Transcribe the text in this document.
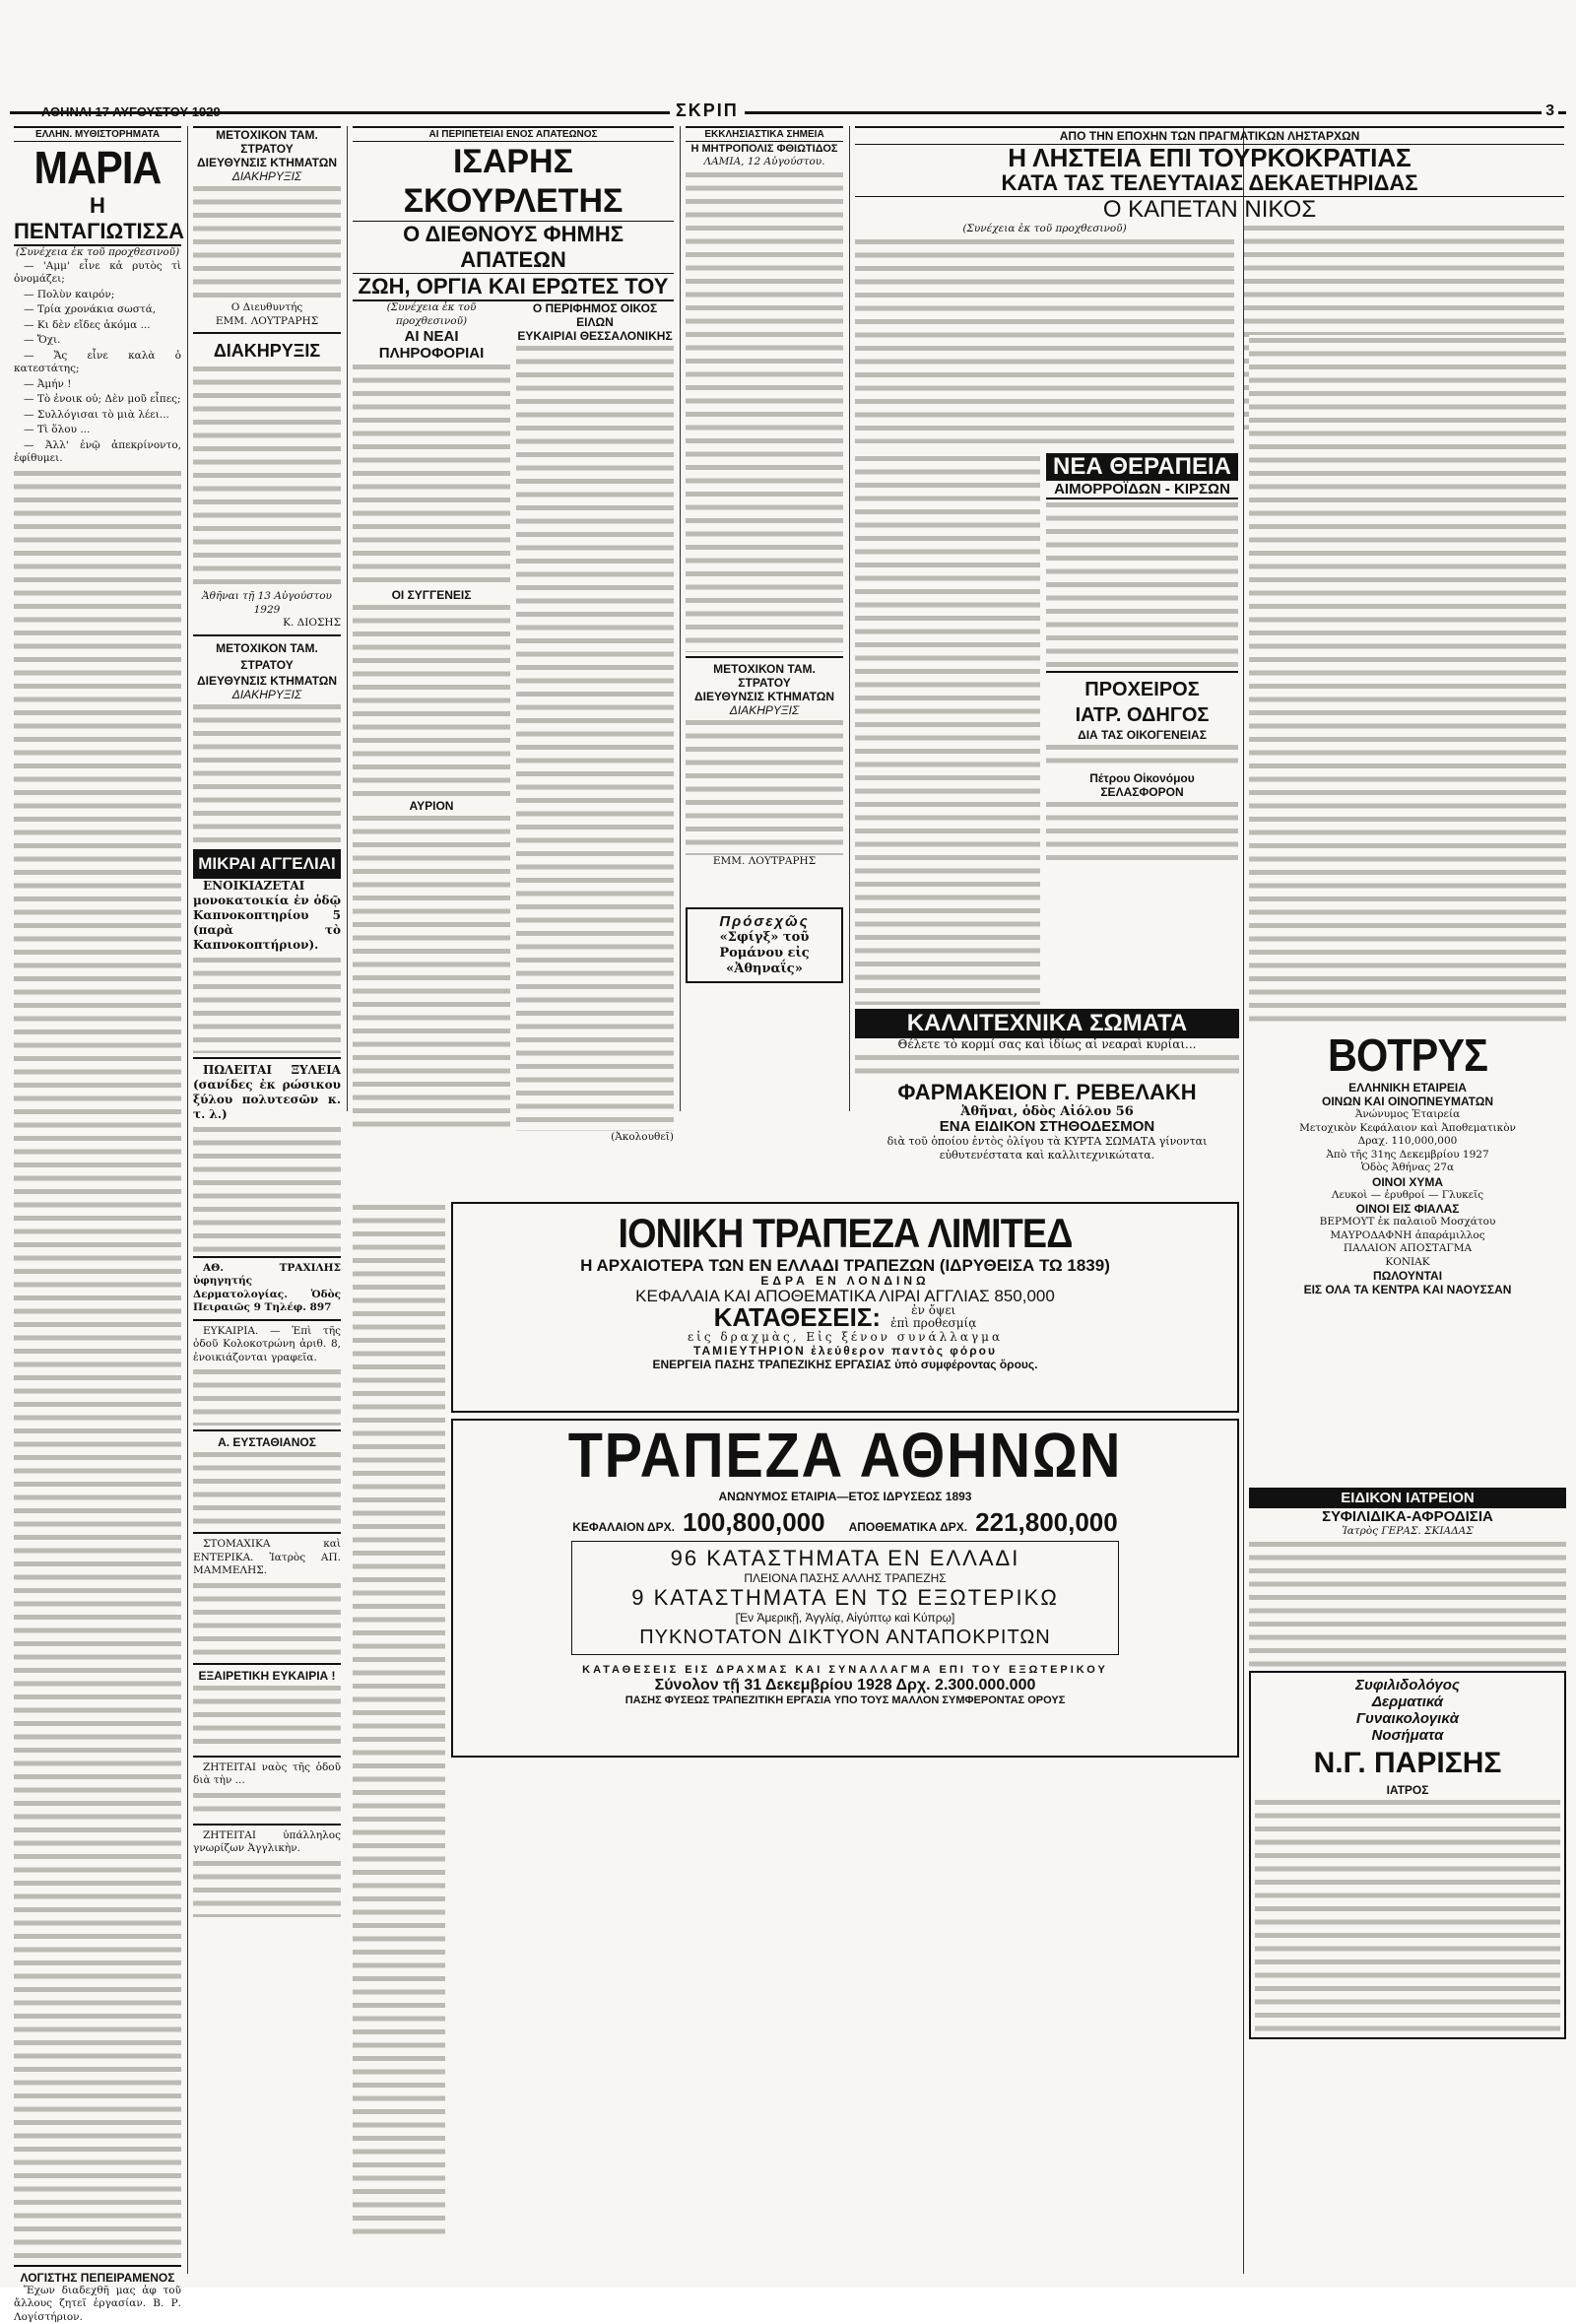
ΑΘΗΝΑΙ 17 ΑΥΓΟΥΣΤΟΥ 1929	ΣΚΡΙΠ	3
ΕΛΛΗΝ. ΜΥΘΙΣΤΟΡΗΜΑΤΑ
ΜΑΡΙΑ
Η ΠΕΝΤΑΓΙΩΤΙΣΣΑ
(Συνέχεια ἐκ τοῦ προχθεσινοῦ)

— 'Αμμ' εἶνε κἀ ρυτὸς τὶ ὀνομάζει;

— Πολὺν καιρόν;

— Τρία χρονάκια σωστά,

— Κι δὲν εἴδες ἀκόμα ...

— Ὄχι.

— Ἄς εἶνε καλὰ ὁ κατεστάτης;

— Ἀμήν !

— Τὸ ἐνοικ οὐ; Δὲν μοῦ εἶπες;

— Συλλόγισαι τὸ μιὰ λέει...

— Τὶ ὅλου ...

— Ἀλλ' ἐνῷ ἀπεκρίνοντο, ἐφίθυμει.

ΛΟΓΙΣΤΗΣ ΠΕΠΕΙΡΑΜΕΝΟΣ

Ἔχων διαδεχθῆ μας ἀφ τοῦ ἄλλους ζητεῖ ἐργασίαν. Β. Ρ. Λογίστήριον.

ΜΕΤΟΧΙΚΟΝ ΤΑΜ. ΣΤΡΑΤΟΥ
ΔΙΕΥΘΥΝΣΙΣ ΚΤΗΜΑΤΩΝ
ΔΙΑΚΗΡΥΞΙΣ
Ο Διευθυντής
ΕΜΜ. ΛΟΥΤΡΑΡΗΣ
ΔΙΑΚΗΡΥΞΙΣ
Ἀθῆναι τῇ 13 Αὐγούστου 1929
Κ. ΔΙΟΣΗΣ
ΜΕΤΟΧΙΚΟΝ ΤΑΜ. ΣΤΡΑΤΟΥ
ΔΙΕΥΘΥΝΣΙΣ ΚΤΗΜΑΤΩΝ
ΔΙΑΚΗΡΥΞΙΣ
ΜΙΚΡΑΙ ΑΓΓΕΛΙΑΙ

ΕΝΟΙΚΙΑΖΕΤΑΙ μονοκατοικία ἐν ὁδῷ Καπνοκοπτηρίου 5 (παρὰ τὸ Καπνοκοπτήριον).

ΠΩΛΕΙΤΑΙ ΞΥΛΕΙΑ (σανίδες ἐκ ρώσικου ξύλου πολυτεσῶν κ. τ. λ.)

ΑΘ. ΤΡΑΧΙΛΗΣ ὑφηγητής Δερματολογίας. Ὁδὸς Πειραιῶς 9 Τηλέφ. 897

ΕΥΚΑΙΡΙΑ. — Ἐπὶ τῆς ὁδοῦ Κολοκοτρώνη ἀριθ. 8, ἐνοικιάζονται γραφεῖα.

Α. ΕΥΣΤΑΘΙΑΝΟΣ

ΣΤΟΜΑΧΙΚΑ καὶ ΕΝΤΕΡΙΚΑ. Ἰατρὸς ΑΠ. ΜΑΜΜΕΛΗΣ.

ΕΞΑΙΡΕΤΙΚΗ ΕΥΚΑΙΡΙΑ !

ΖΗΤΕΙΤΑΙ ναὸς τῆς ὁδοῦ διὰ τὴν ...

ΖΗΤΕΙΤΑΙ ὑπάλληλος γνωρίζων Ἀγγλικὴν.

ΑΙ ΠΕΡΙΠΕΤΕΙΑΙ ΕΝΟΣ ΑΠΑΤΕΩΝΟΣ
ΙΣΑΡΗΣ ΣΚΟΥΡΛΕΤΗΣ
Ο ΔΙΕΘΝΟΥΣ ΦΗΜΗΣ ΑΠΑΤΕΩΝ
ΖΩΗ, ΟΡΓΙΑ ΚΑΙ ΕΡΩΤΕΣ ΤΟΥ
(Συνέχεια ἐκ τοῦ προχθεσινοῦ)
ΑΙ ΝΕΑΙ ΠΛΗΡΟΦΟΡΙΑΙ
ΟΙ ΣΥΓΓΕΝΕΙΣ
ΑΥΡΙΟΝ
Ο ΠΕΡΙΦΗΜΟΣ ΟΙΚΟΣ ΕΙΛΩΝ
ΕΥΚΑΙΡΙΑΙ ΘΕΣΣΑΛΟΝΙΚΗΣ
(Ἀκολουθεῖ)
ΕΚΚΛΗΣΙΑΣΤΙΚΑ ΣΗΜΕΙΑ
Η ΜΗΤΡΟΠΟΛΙΣ ΦΘΙΩΤΙΔΟΣ
ΛΑΜΙΑ, 12 Αὐγούστου.
ΜΕΤΟΧΙΚΟΝ ΤΑΜ. ΣΤΡΑΤΟΥ
ΔΙΕΥΘΥΝΣΙΣ ΚΤΗΜΑΤΩΝ
ΔΙΑΚΗΡΥΞΙΣ
ΕΜΜ. ΛΟΥΤΡΑΡΗΣ
Πρόσεχῶς
«Σφίγξ» τοῦ Ρομάνου εἰς «Ἀθηναΐς»
ΑΠΟ ΤΗΝ ΕΠΟΧΗΝ ΤΩΝ ΠΡΑΓΜΑΤΙΚΩΝ ΛΗΣΤΑΡΧΩΝ
Η ΛΗΣΤΕΙΑ ΕΠΙ ΤΟΥΡΚΟΚΡΑΤΙΑΣ
ΚΑΤΑ ΤΑΣ ΤΕΛΕΥΤΑΙΑΣ ΔΕΚΑΕΤΗΡΙΔΑΣ
Ο ΚΑΠΕΤΑΝ ΝΙΚΟΣ
(Συνέχεια ἐκ τοῦ προχθεσινοῦ)
ΝΕΑ ΘΕΡΑΠΕΙΑ
ΑΙΜΟΡΡΟΪΔΩΝ - ΚΙΡΣΩΝ
ΠΡΟΧΕΙΡΟΣ
ΙΑΤΡ. ΟΔΗΓΟΣ
ΔΙΑ ΤΑΣ ΟΙΚΟΓΕΝΕΙΑΣ
Πέτρου Οἰκονόμου
ΣΕΛΑΣΦΟΡΟΝ
ΚΑΛΛΙΤΕΧΝΙΚΑ ΣΩΜΑΤΑ
Θέλετε τὸ κορμί σας καὶ ἰδίως αἱ νεαραὶ κυρίαι...
ΦΑΡΜΑΚΕΙΟΝ Γ. ΡΕΒΕΛΑΚΗ
Ἀθῆναι, ὁδὸς Αἰόλου 56
ΕΝΑ ΕΙΔΙΚΟΝ ΣΤΗΘΟΔΕΣΜΟΝ
διὰ τοῦ ὁποίου ἐντὸς ὀλίγου τὰ ΚΥΡΤΑ ΣΩΜΑΤΑ γίνονται εὐθυτενέστατα καὶ καλλιτεχνικώτατα.
ΒΟΤΡΥΣ
ΕΛΛΗΝΙΚΗ ΕΤΑΙΡΕΙΑ
ΟΙΝΩΝ ΚΑΙ ΟΙΝΟΠΝΕΥΜΑΤΩΝ
Ἀνώνυμος Ἑταιρεία
Μετοχικὸν Κεφάλαιον καὶ Ἀποθεματικὸν
Δραχ. 110,000,000
Ἀπὸ τῆς 31ης Δεκεμβρίου 1927
Ὁδὸς Ἀθήνας 27α
ΟΙΝΟΙ ΧΥΜΑ
Λευκοὶ — ἐρυθροί — Γλυκεῖς
ΟΙΝΟΙ ΕΙΣ ΦΙΑΛΑΣ
ΒΕΡΜΟΥΤ ἐκ παλαιοῦ Μοσχάτου
ΜΑΥΡΟΔΑΦΝΗ ἀπαράμιλλος
ΠΑΛΑΙΟΝ ΑΠΟΣΤΑΓΜΑ
ΚΟΝΙΑΚ
ΠΩΛΟΥΝΤΑΙ
ΕΙΣ ΟΛΑ ΤΑ ΚΕΝΤΡΑ ΚΑΙ ΝΑΟΥΣΣΑΝ
ΕΙΔΙΚΟΝ ΙΑΤΡΕΙΟΝ
ΣΥΦΙΛΙΔΙΚΑ-ΑΦΡΟΔΙΣΙΑ
Ἰατρὸς ΓΕΡΑΣ. ΣΚΙΑΔΑΣ
Συφιλιδολόγος
Δερματικά
Γυναικολογικὰ
Νοσήματα
Ν.Γ. ΠΑΡΙΣΗΣ
ΙΑΤΡΟΣ
ΙΟΝΙΚΗ ΤΡΑΠΕΖΑ ΛΙΜΙΤΕΔ
Η ΑΡΧΑΙΟΤΕΡΑ ΤΩΝ ΕΝ ΕΛΛΑΔΙ ΤΡΑΠΕΖΩΝ (ΙΔΡΥΘΕΙΣΑ ΤΩ 1839)
ΕΔΡΑ ΕΝ ΛΟΝΔΙΝΩ
ΚΕΦΑΛΑΙΑ ΚΑΙ ΑΠΟΘΕΜΑΤΙΚΑ ΛΙΡΑΙ ΑΓΓΛΙΑΣ 850,000
ΚΑΤΑΘΕΣΕΙΣ:	ἐν ὄψει
ἐπὶ προθεσμίᾳ
εἰς δραχμὰς, Εἰς ξένον συνάλλαγμα
ΤΑΜΙΕΥΤΗΡΙΟΝ ἐλεύθερον παντὸς φόρου
ΕΝΕΡΓΕΙΑ ΠΑΣΗΣ ΤΡΑΠΕΖΙΚΗΣ ΕΡΓΑΣΙΑΣ ὑπὸ συμφέροντας ὅρους.
ΤΡΑΠΕΖΑ ΑΘΗΝΩΝ
ΑΝΩΝΥΜΟΣ ΕΤΑΙΡΙΑ—ΕΤΟΣ ΙΔΡΥΣΕΩΣ 1893
ΚΕΦΑΛΑΙΟΝ ΔΡΧ. 100,800,000 ΑΠΟΘΕΜΑΤΙΚΑ ΔΡΧ. 221,800,000
96 ΚΑΤΑΣΤΗΜΑΤΑ ΕΝ ΕΛΛΑΔΙ
ΠΛΕΙΟΝΑ ΠΑΣΗΣ ΑΛΛΗΣ ΤΡΑΠΕΖΗΣ
9 ΚΑΤΑΣΤΗΜΑΤΑ ΕΝ ΤΩ ΕΞΩΤΕΡΙΚΩ
[Ἐν Ἀμερικῇ, Ἀγγλίᾳ, Αἰγύπτῳ καὶ Κύπρῳ]
ΠΥΚΝΟΤΑΤΟΝ ΔΙΚΤΥΟΝ ΑΝΤΑΠΟΚΡΙΤΩΝ
ΚΑΤΑΘΕΣΕΙΣ ΕΙΣ ΔΡΑΧΜΑΣ ΚΑΙ ΣΥΝΑΛΛΑΓΜΑ ΕΠΙ ΤΟΥ ΕΞΩΤΕΡΙΚΟΥ
Σύνολον τῇ 31 Δεκεμβρίου 1928 Δρχ. 2.300.000.000
ΠΑΣΗΣ ΦΥΣΕΩΣ ΤΡΑΠΕΖΙΤΙΚΗ ΕΡΓΑΣΙΑ ΥΠΟ ΤΟΥΣ ΜΑΛΛΟΝ ΣΥΜΦΕΡΟΝΤΑΣ ΟΡΟΥΣ
